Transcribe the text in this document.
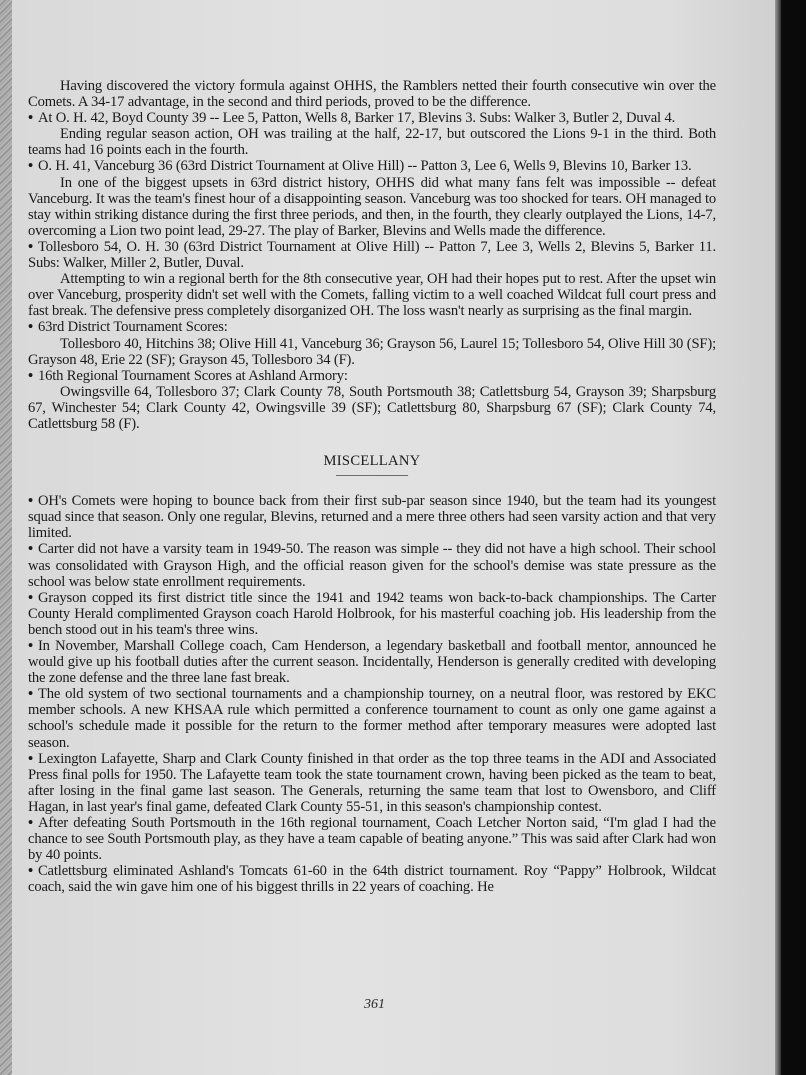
Having discovered the victory formula against OHHS, the Ramblers netted their fourth consecutive win over the Comets. A 34-17 advantage, in the second and third periods, proved to be the difference.

• At O. H. 42, Boyd County 39 -- Lee 5, Patton, Wells 8, Barker 17, Blevins 3. Subs: Walker 3, Butler 2, Duval 4.

Ending regular season action, OH was trailing at the half, 22-17, but outscored the Lions 9-1 in the third. Both teams had 16 points each in the fourth.

• O. H. 41, Vanceburg 36 (63rd District Tournament at Olive Hill) -- Patton 3, Lee 6, Wells 9, Blevins 10, Barker 13.

In one of the biggest upsets in 63rd district history, OHHS did what many fans felt was impossible -- defeat Vanceburg. It was the team's finest hour of a disappointing season. Vanceburg was too shocked for tears. OH managed to stay within striking distance during the first three periods, and then, in the fourth, they clearly outplayed the Lions, 14-7, overcoming a Lion two point lead, 29-27. The play of Barker, Blevins and Wells made the difference.

• Tollesboro 54, O. H. 30 (63rd District Tournament at Olive Hill) -- Patton 7, Lee 3, Wells 2, Blevins 5, Barker 11. Subs: Walker, Miller 2, Butler, Duval.

Attempting to win a regional berth for the 8th consecutive year, OH had their hopes put to rest. After the upset win over Vanceburg, prosperity didn't set well with the Comets, falling victim to a well coached Wildcat full court press and fast break. The defensive press completely disorganized OH. The loss wasn't nearly as surprising as the final margin.

• 63rd District Tournament Scores:

Tollesboro 40, Hitchins 38; Olive Hill 41, Vanceburg 36; Grayson 56, Laurel 15; Tollesboro 54, Olive Hill 30 (SF); Grayson 48, Erie 22 (SF); Grayson 45, Tollesboro 34 (F).

• 16th Regional Tournament Scores at Ashland Armory:

Owingsville 64, Tollesboro 37; Clark County 78, South Portsmouth 38; Catlettsburg 54, Grayson 39; Sharpsburg 67, Winchester 54; Clark County 42, Owingsville 39 (SF); Catlettsburg 80, Sharpsburg 67 (SF); Clark County 74, Catlettsburg 58 (F).

MISCELLANY
——————

• OH's Comets were hoping to bounce back from their first sub-par season since 1940, but the team had its youngest squad since that season. Only one regular, Blevins, returned and a mere three others had seen varsity action and that very limited.

• Carter did not have a varsity team in 1949-50. The reason was simple -- they did not have a high school. Their school was consolidated with Grayson High, and the official reason given for the school's demise was state pressure as the school was below state enrollment requirements.

• Grayson copped its first district title since the 1941 and 1942 teams won back-to-back championships. The Carter County Herald complimented Grayson coach Harold Holbrook, for his masterful coaching job. His leadership from the bench stood out in his team's three wins.

• In November, Marshall College coach, Cam Henderson, a legendary basketball and football mentor, announced he would give up his football duties after the current season. Incidentally, Henderson is generally credited with developing the zone defense and the three lane fast break.

• The old system of two sectional tournaments and a championship tourney, on a neutral floor, was restored by EKC member schools. A new KHSAA rule which permitted a conference tournament to count as only one game against a school's schedule made it possible for the return to the former method after temporary measures were adopted last season.

• Lexington Lafayette, Sharp and Clark County finished in that order as the top three teams in the ADI and Associated Press final polls for 1950. The Lafayette team took the state tournament crown, having been picked as the team to beat, after losing in the final game last season. The Generals, returning the same team that lost to Owensboro, and Cliff Hagan, in last year's final game, defeated Clark County 55-51, in this season's championship contest.

• After defeating South Portsmouth in the 16th regional tournament, Coach Letcher Norton said, “I'm glad I had the chance to see South Portsmouth play, as they have a team capable of beating anyone.” This was said after Clark had won by 40 points.

• Catlettsburg eliminated Ashland's Tomcats 61-60 in the 64th district tournament. Roy “Pappy” Holbrook, Wildcat coach, said the win gave him one of his biggest thrills in 22 years of coaching. He

361
